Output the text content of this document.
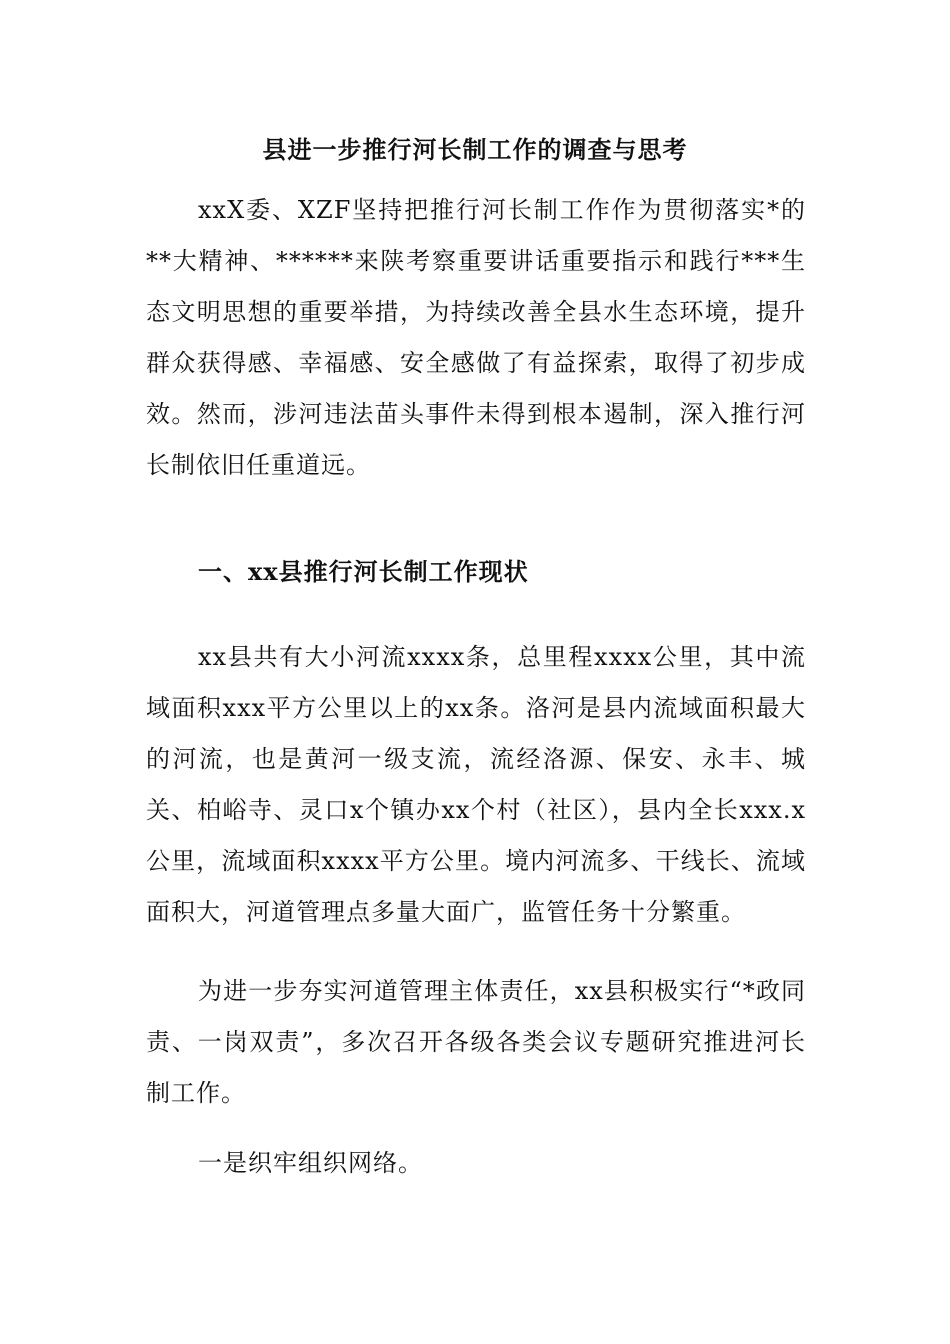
县进一步推行河长制工作的调查与思考
xxX委、XZF坚持把推行河长制工作作为贯彻落实*的**大精神、******来陕考察重要讲话重要指示和践行***生态文明思想的重要举措，为持续改善全县水生态环境，提升群众获得感、幸福感、安全感做了有益探索，取得了初步成效。然而，涉河违法苗头事件未得到根本遏制，深入推行河长制依旧任重道远。
一、xx县推行河长制工作现状
xx县共有大小河流xxxx条，总里程xxxx公里，其中流域面积xxx平方公里以上的xx条。洛河是县内流域面积最大的河流，也是黄河一级支流，流经洛源、保安、永丰、城关、柏峪寺、灵口x个镇办xx个村（社区），县内全长xxx.x公里，流域面积xxxx平方公里。境内河流多、干线长、流域面积大，河道管理点多量大面广，监管任务十分繁重。
为进一步夯实河道管理主体责任，xx县积极实行“*政同责、一岗双责”，多次召开各级各类会议专题研究推进河长制工作。
一是织牢组织网络。
